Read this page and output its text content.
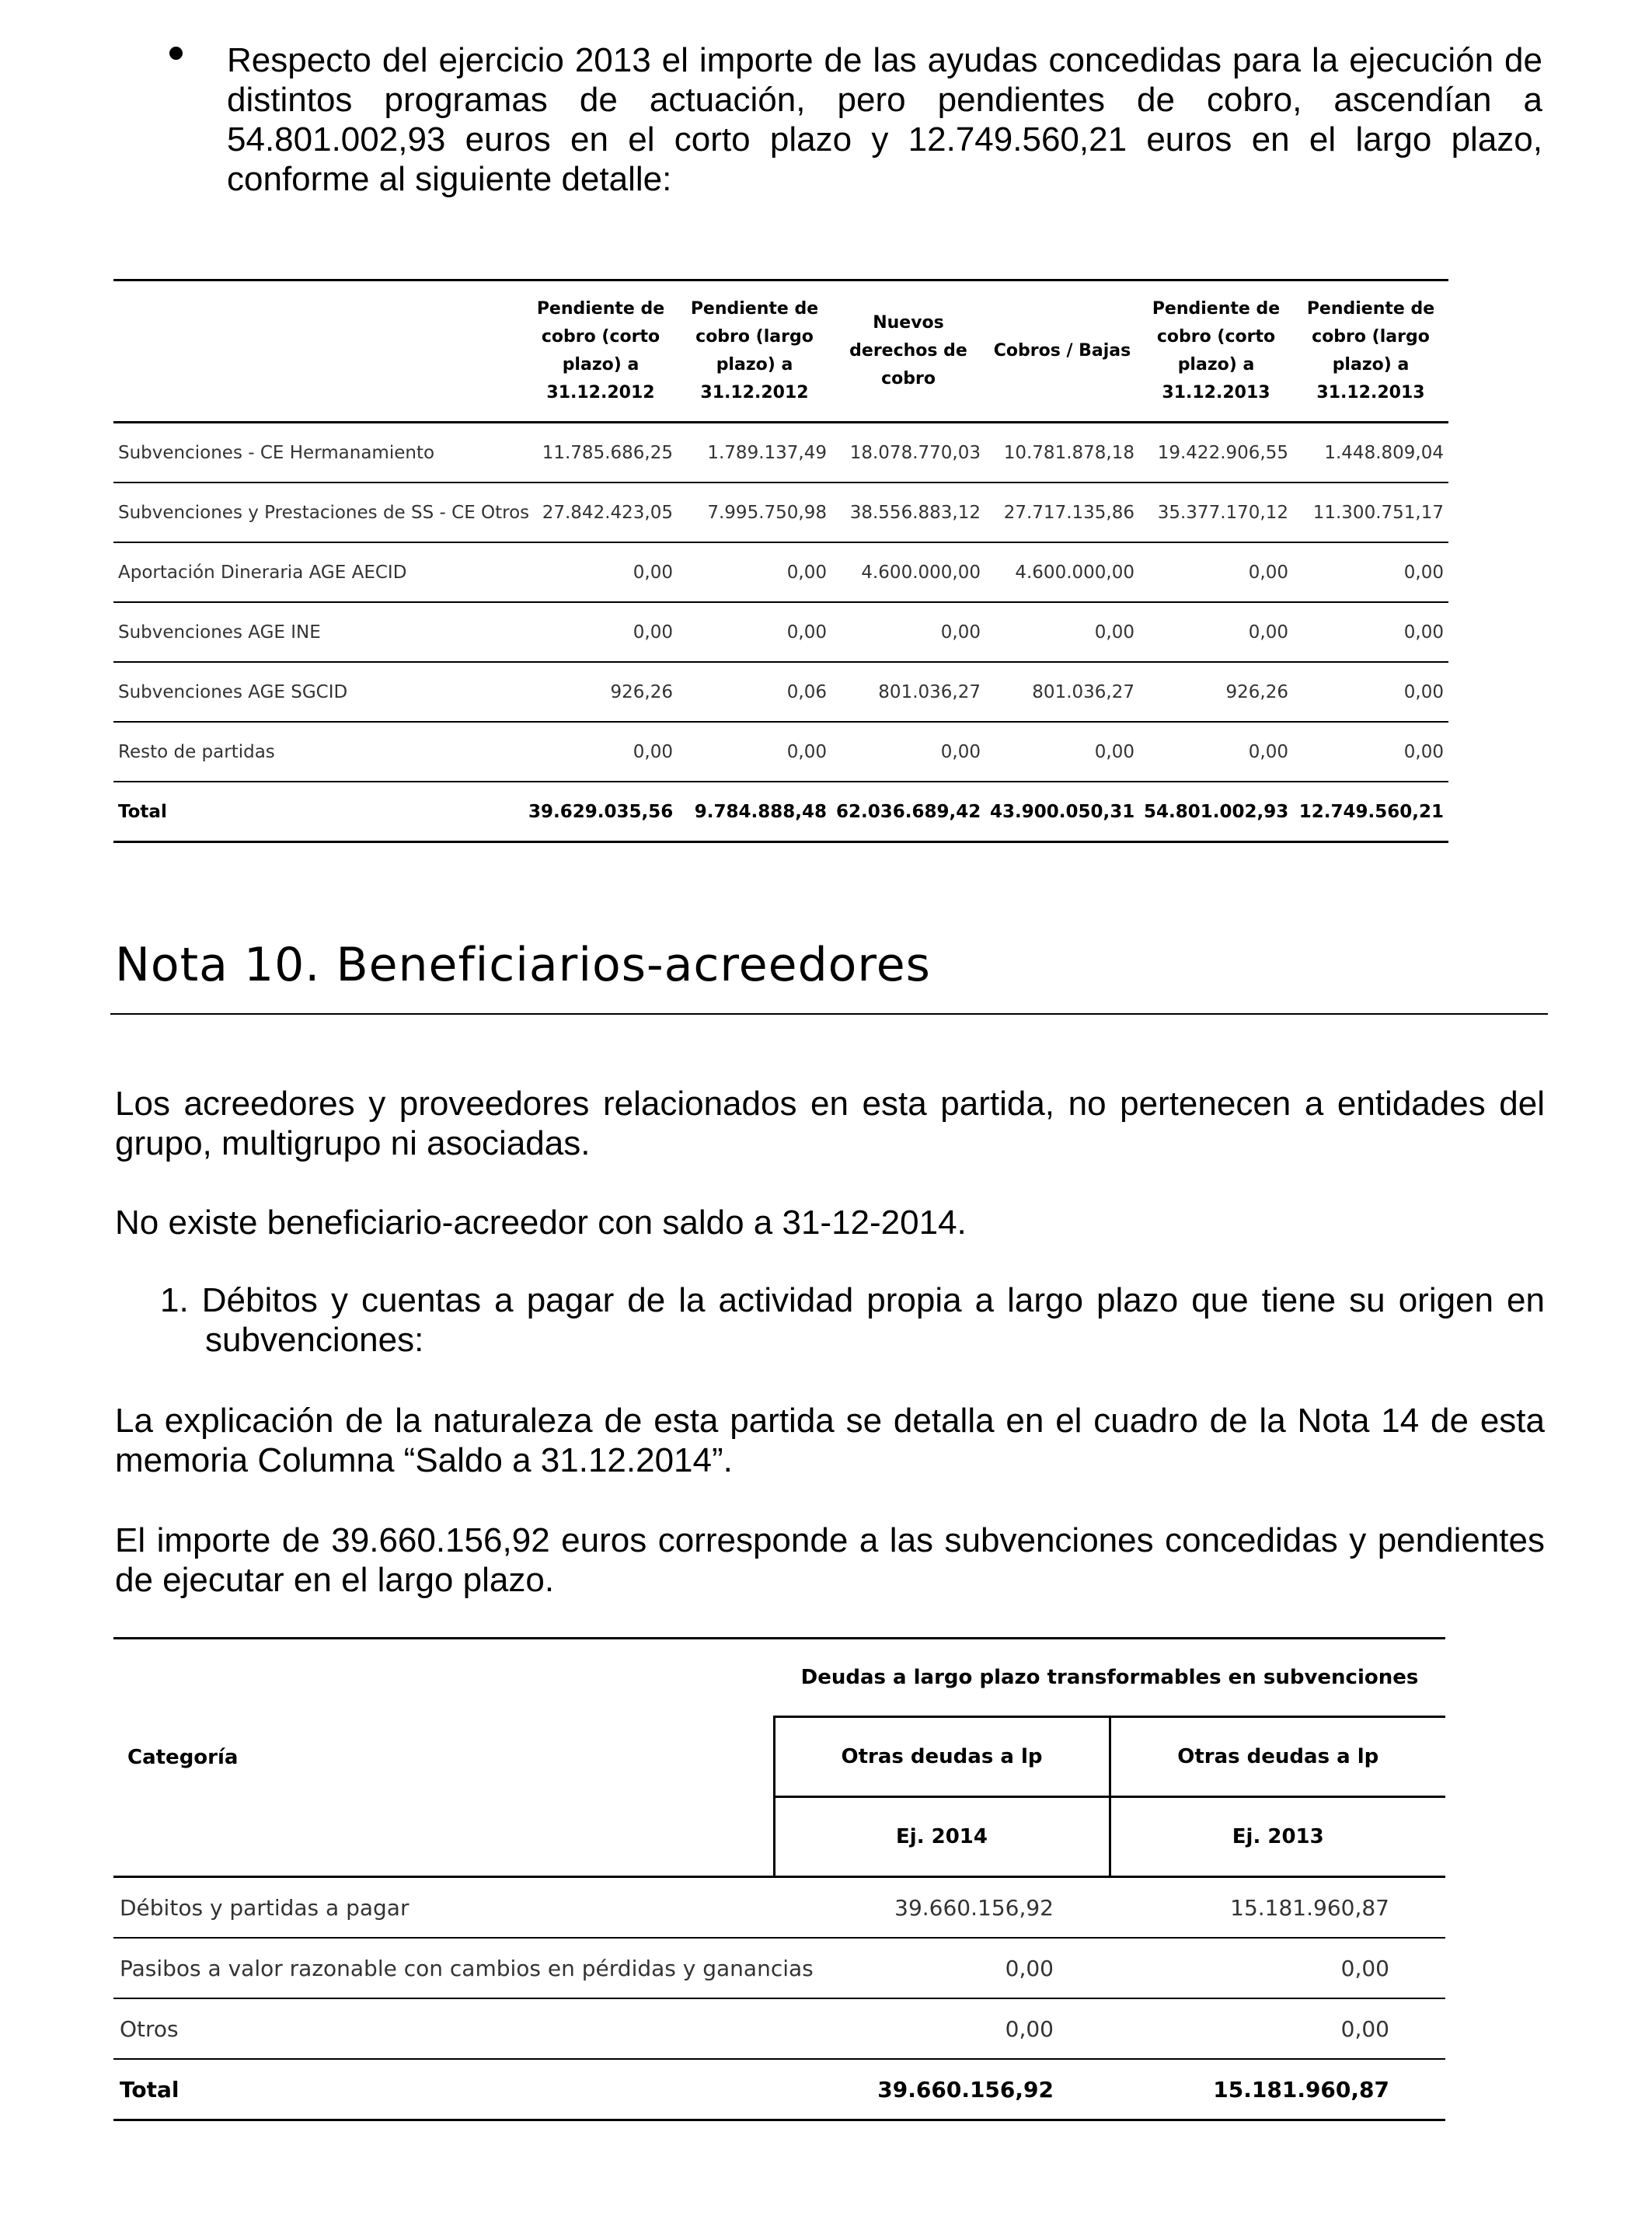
Respecto del ejercicio 2013 el importe de las ayudas concedidas para la ejecución de distintos programas de actuación, pero pendientes de cobro, ascendían a 54.801.002,93 euros en el corto plazo y 12.749.560,21 euros en el largo plazo, conforme al siguiente detalle:
	Pendiente de cobro (corto plazo) a 31.12.2012	Pendiente de cobro (largo plazo) a 31.12.2012	Nuevos derechos de cobro	Cobros / Bajas	Pendiente de cobro (corto plazo) a 31.12.2013	Pendiente de cobro (largo plazo) a 31.12.2013
Subvenciones - CE Hermanamiento	11.785.686,25	1.789.137,49	18.078.770,03	10.781.878,18	19.422.906,55	1.448.809,04
Subvenciones y Prestaciones de SS - CE Otros	27.842.423,05	7.995.750,98	38.556.883,12	27.717.135,86	35.377.170,12	11.300.751,17
Aportación Dineraria AGE AECID	0,00	0,00	4.600.000,00	4.600.000,00	0,00	0,00
Subvenciones AGE INE	0,00	0,00	0,00	0,00	0,00	0,00
Subvenciones AGE SGCID	926,26	0,06	801.036,27	801.036,27	926,26	0,00
Resto de partidas	0,00	0,00	0,00	0,00	0,00	0,00
Total	39.629.035,56	9.784.888,48	62.036.689,42	43.900.050,31	54.801.002,93	12.749.560,21
Nota 10. Beneficiarios-acreedores
Los acreedores y proveedores relacionados en esta partida, no pertenecen a entidades del grupo, multigrupo ni asociadas.
No existe beneficiario-acreedor con saldo a 31-12-2014.
1. Débitos y cuentas a pagar de la actividad propia a largo plazo que tiene su origen en subvenciones:
La explicación de la naturaleza de esta partida se detalla en el cuadro de la Nota 14 de esta memoria Columna “Saldo a 31.12.2014”.
El importe de 39.660.156,92 euros corresponde a las subvenciones concedidas y pendientes de ejecutar en el largo plazo.
Categoría	Deudas a largo plazo transformables en subvenciones	
	Otras deudas a lp	Otras deudas a lp
	Ej. 2014	Ej. 2013
Débitos y partidas a pagar	39.660.156,92	15.181.960,87
Pasibos a valor razonable con cambios en pérdidas y ganancias	0,00	0,00
Otros	0,00	0,00
Total	39.660.156,92	15.181.960,87
